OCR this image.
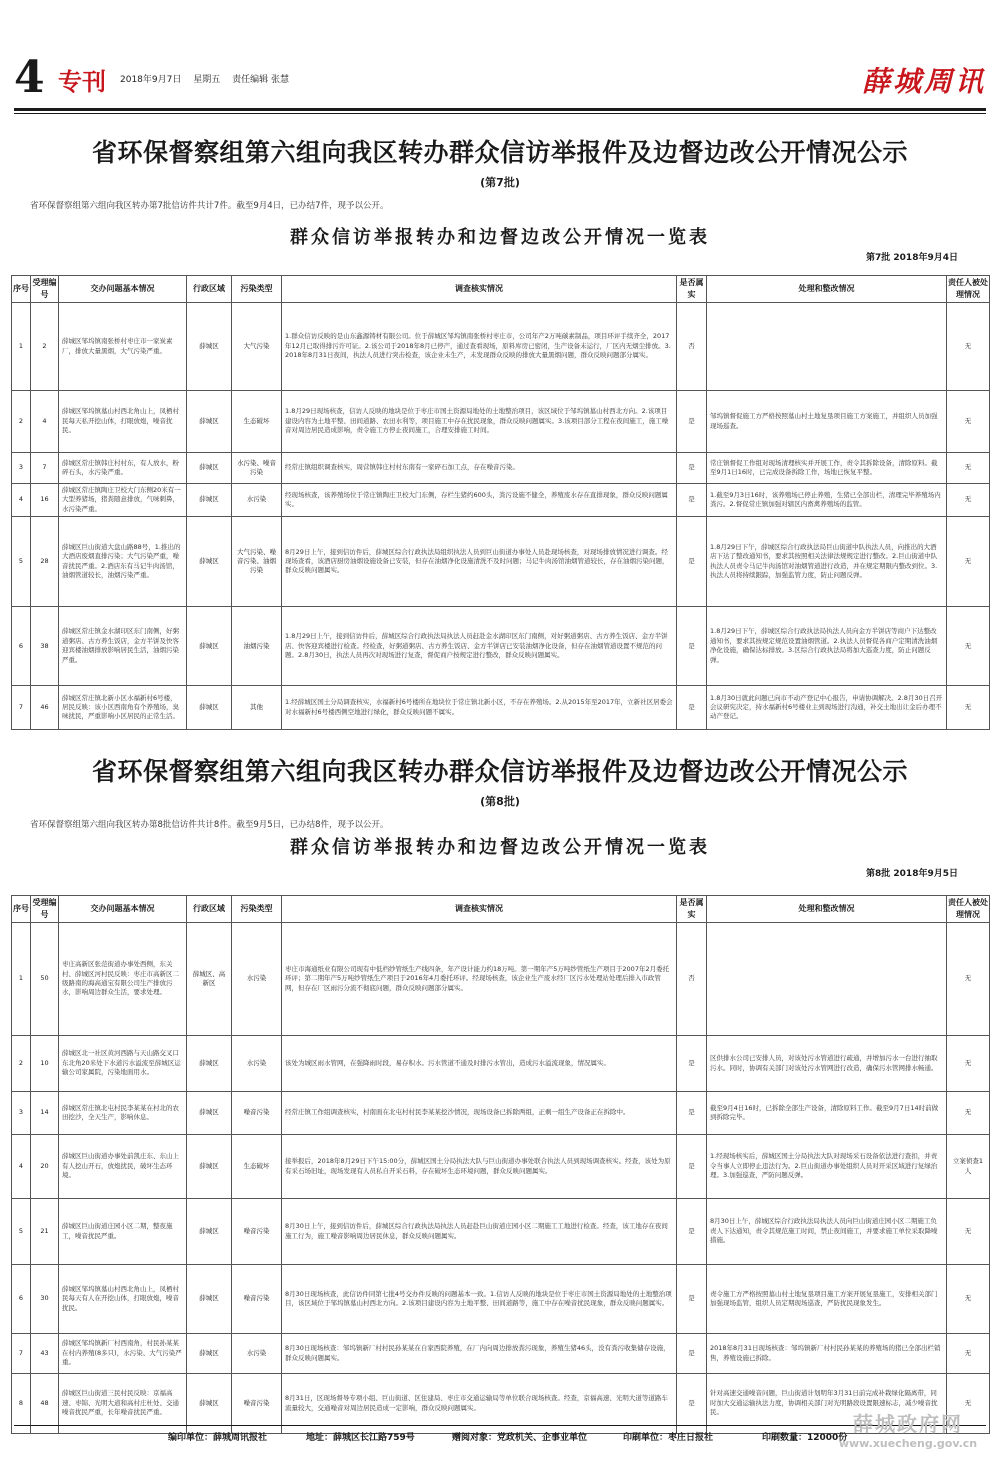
4 专刊 2018年9月7日 星期五 责任编辑 张慧	薛城周讯
省环保督察组第六组向我区转办群众信访举报件及边督边改公开情况公示
(第7批)
省环保督察组第六组向我区转办第7批信访件共计7件。截至9月4日，已办结7件，现予以公开。
群众信访举报转办和边督边改公开情况一览表
第7批 2018年9月4日
序号	受理编号	交办问题基本情况	行政区域	污染类型	调查核实情况	是否属实	处理和整改情况	责任人被处理情况
1	2	薛城区邹坞镇南张桥村枣庄市一家炭素厂，排放大量黑烟，大气污染严重。	薛城区	大气污染	1.群众信访反映的是山东鑫源铸材有限公司。位于薛城区邹坞镇南张桥村枣庄市，公司年产2万吨碳素制品，项目环评手续齐全，2017年12月已取得排污许可证。2.该公司于2018年8月已停产，通过查看现场，原料库房已密闭，生产设备未运行，厂区内无烟尘排放。3.2018年8月31日夜间，执法人员进行突击检查，该企业未生产，未发现群众反映的排放大量黑烟问题，群众反映问题部分属实。	否		无
2	4	薛城区邹坞镇墓山村西北角山上，凤栖村民每天私开挖山体，打眼放炮，噪音扰民。	薛城区	生态破坏	1.8月29日现场核查，信访人反映的地块是位于枣庄市国土资源局地处的土地整治项目，该区域位于邹坞镇墓山村西北方向。2.该项目建设内容为土地平整、田间道路、农田水利等，项目施工中存在扰民现象，群众反映问题属实。3.该项目部分工程在夜间施工，施工噪音对周边居民造成影响，责令施工方停止夜间施工，合理安排施工时间。	是	邹坞镇督促施工方严格按照墓山村土地复垦项目施工方案施工，并组织人员加强现场巡查。	无
3	7	薛城区常庄镇韩庄村村东，有人放水，粉碎石头，水污染严重。	薛城区	水污染、噪音污染	经常庄镇组织调查核实，周营镇韩庄村村东南有一家碎石加工点，存在噪音污染。	是	常庄镇督促工作组对现场清理核实并开展工作，责令其拆除设备，清除原料。截至9月1日16时，已完成设备拆除工作，场地已恢复平整。	无
4	16	薛城区常庄镇陶庄卫校大门东侧20米有一大型养猪场，猪粪随意排放，气味刺鼻，水污染严重。	薛城区	水污染	经现场核查，该养殖场位于常庄镇陶庄卫校大门东侧，存栏生猪约600头，粪污设施不健全，养殖废水存在直排现象，群众反映问题属实。	是	1.截至9月3日16时，该养殖场已停止养殖，生猪已全部出栏，清理完毕养殖场内粪污。2.督促常庄镇加强对辖区内畜禽养殖场的监管。	无
5	28	薛城区巨山街道大盘山路88号，1.推出的大酒店废烟直排污染；大气污染严重，噪音扰民严重。2.酒店东有马记牛肉汤馆，油烟管道较长，油烟污染严重。	薛城区	大气污染、噪音污染、油烟污染	8月29日上午，接到信访件后，薛城区综合行政执法局组织执法人员到巨山街道办事处人员赴现场核查，对现场排放情况进行调查。经现场查看，该酒店厨房油烟设施设备已安装，但存在油烟净化设施清洗不及时问题；马记牛肉汤馆油烟管道较长，存在油烟污染问题，群众反映问题属实。	是	1.8月29日下午，薛城区综合行政执法局巨山街道中队执法人员，向推出的大酒店下达了整改通知书，要求其按照相关法律法规规定进行整改。2.巨山街道中队执法人员责令马记牛肉汤馆对油烟管道进行改造，并在规定期限内整改到位。3.执法人员将持续跟踪，加强监管力度，防止问题反弹。	无
6	38	薛城区常庄镇金水湖印区东门南侧，好粥道粥店、古方养生饭店，金方半饼及快客迎宾楼油烟排放影响居民生活，油烟污染严重。	薛城区	油烟污染	1.8月29日上午，接到信访件后，薛城区综合行政执法局执法人员赶赴金水湖印区东门南侧，对好粥道粥店、古方养生饭店、金方半饼店、快客迎宾楼进行检查。经检查，好粥道粥店、古方养生饭店、金方半饼店已安装油烟净化设备，但存在油烟管道设置不规范的问题。2.8月30日，执法人员再次对现场进行复查，督促商户按规定进行整改，群众反映问题属实。	是	1.8月29日下午，薛城区综合行政执法局执法人员向金方半饼店等商户下达整改通知书，要求其按规定规范设置油烟管道。2.执法人员督促各商户定期清洗油烟净化设施，确保达标排放。3.区综合行政执法局将加大巡查力度，防止问题反弹。	无
7	46	薛城区常庄镇北新小区水福新村6号楼，居民反映：该小区西南角有个养殖场，臭味扰民，严重影响小区居民的正常生活。	薛城区	其他	1.经薛城区国土分局调查核实，水福新村6号楼所在地块位于常庄镇北新小区，不存在养殖场。2.从2015年至2017年，立新社区居委会对水福新村6号楼西侧空地进行绿化，群众反映问题不属实。	是	1.8月30日就此问题已向市不动产登记中心报告，申请协调解决。2.8月30日召开会议研究决定，持水福新村6号楼业主到现场进行沟通，补交土地出让金后办理不动产登记。	无
省环保督察组第六组向我区转办群众信访举报件及边督边改公开情况公示
(第8批)
省环保督察组第六组向我区转办第8批信访件共计8件。截至9月5日，已办结8件，现予以公开。
群众信访举报转办和边督边改公开情况一览表
第8批 2018年9月5日
序号	受理编号	交办问题基本情况	行政区域	污染类型	调查核实情况	是否属实	处理和整改情况	责任人被处理情况
1	50	枣庄高新区张范街道办事处西侧，东关村、薛城区河村民反映：枣庄市高新区二级路南的海高通宝有限公司生产排放污水，影响周边群众生活，要求处理。	薛城区、高新区	水污染	枣庄市海通纸业有限公司现有中低档纱管纸生产线四条，年产设计能力约18万吨。第一期年产5万吨纱管纸生产项目于2007年2月委托环评；第二期年产5万吨纱管纸生产项目于2016年4月委托环评。经现场核查，该企业生产废水经厂区污水处理站处理后排入市政管网，但存在厂区雨污分流不彻底问题，群众反映问题部分属实。	否		无
2	10	薛城区北一社区黄河西路与天山路交叉口东北角20米处下水道污水溢流至薛城区运输公司家属院，污染地面用水。	薛城区	水污染	该处为城区雨水管网，在强降雨时段，易存积水。污水管道不通及时排污水管出，造成污水溢流现象，情况属实。	是	区供排水公司已安排人员，对该处污水管道进行疏通，并增加污水一台进行抽取污水。同时，协调有关部门对该处污水管网进行改造，确保污水管网排水畅通。	无
3	14	薛城区常庄镇北屯村民李某某在村北的农田挖沙，全天生产，影响休息。	薛城区	噪音污染	经常庄镇工作组调查核实，村南面在北屯村村民李某某挖沙情况，现场设备已拆除两组，正剩一组生产设备正在拆除中。	是	截至9月4日16时，已拆除全部生产设备，清除原料工作。截至9月7日14时前做到拆除完毕。	无
4	20	薛城区巨山街道办事处前凯庄东、东山上有人挖山开石，放炮扰民，破坏生态环境。	薛城区	生态破坏	接举报后，2018年8月29日下午15:00分，薛城区国土分局执法大队与巨山街道办事处联合执法人员到现场调查核实。经查，该处为原有采石场旧址，现场发现有人员私自开采石料，存在破坏生态环境问题，群众反映问题属实。	是	1.经现场核实后，薛城区国土分局执法大队对现场采石设备依法进行查扣，并责令当事人立即停止违法行为。2.巨山街道办事处组织人员对开采区域进行复绿治理。3.加强巡查，严防问题反弹。	立案侦查1人
5	21	薛城区巨山街道庄园小区二期，整夜施工，噪音扰民严重。	薛城区	噪音污染	8月30日上午，接到信访件后，薛城区综合行政执法局执法人员赶赴巨山街道庄园小区二期施工工地进行检查。经查，该工地存在夜间施工行为，施工噪音影响周边居民休息，群众反映问题属实。	是	8月30日上午，薛城区综合行政执法局执法人员向巨山街道庄园小区二期施工负责人下达通知，责令其规范施工时间，禁止夜间施工，并要求施工单位采取降噪措施。	无
6	30	薛城区邹坞镇墓山村西北角山上，凤栖村民每天有人在开挖山体，打眼放炮，噪音扰民。	薛城区	噪音污染	8月30日现场核查，此信访件同第七批4号交办件反映的问题基本一致。1.信访人反映的地块是位于枣庄市国土资源局地处的土地整治项目，该区域位于邹坞镇墓山村西北方向。2.该项目建设内容为土地平整、田间道路等，施工中存在噪音扰民现象，群众反映问题属实。	是	责令施工方严格按照墓山村土地复垦项目施工方案开展复垦施工，安排相关部门加强现场监管，组织人员定期现场巡查，严防扰民现象发生。	无
7	43	薛城区邹坞镇新厂村西南角，村民孙某某在村内养殖(8多只)，水污染、大气污染严重。	薛城区	水污染	8月30日现场核查：邹坞镇新厂村村民孙某某在自家西院养殖，在厂内向周边排放粪污现象，养殖生猪46头，没有粪污收集储存设施，群众反映问题属实。	是	2018年8月31日现场核查：邹坞镇新厂村村民孙某某的养殖场的猪已全部出栏销售，养殖设施已拆除。	无
8	48	薛城区巨山街道三民村民反映：京福高速、枣锦、光明大道和高村庄杜处、交通噪音扰民严重，长年噪音扰民严重。	薛城区	噪音污染	8月31日，区现场督导专项小组、巨山街道、区住建局、枣庄市交通运输局等单位联合现场核查。经查，京福高速、光明大道等道路车流量较大，交通噪音对周边居民造成一定影响，群众反映问题属实。	是	针对高速交通噪音问题，巨山街道计划明年3月31日前完成补栽绿化隔离带，同时加大交通运输执法力度，协调相关部门对光明路段设置限速标志，减少噪音扰民。	无
编印单位：薛城周讯报社	地址：薛城区长江路759号	赠阅对象：党政机关、企事业单位	印刷单位：枣庄日报社	印刷数量：12000份
薛城政府网
www.xuecheng.gov.cn
